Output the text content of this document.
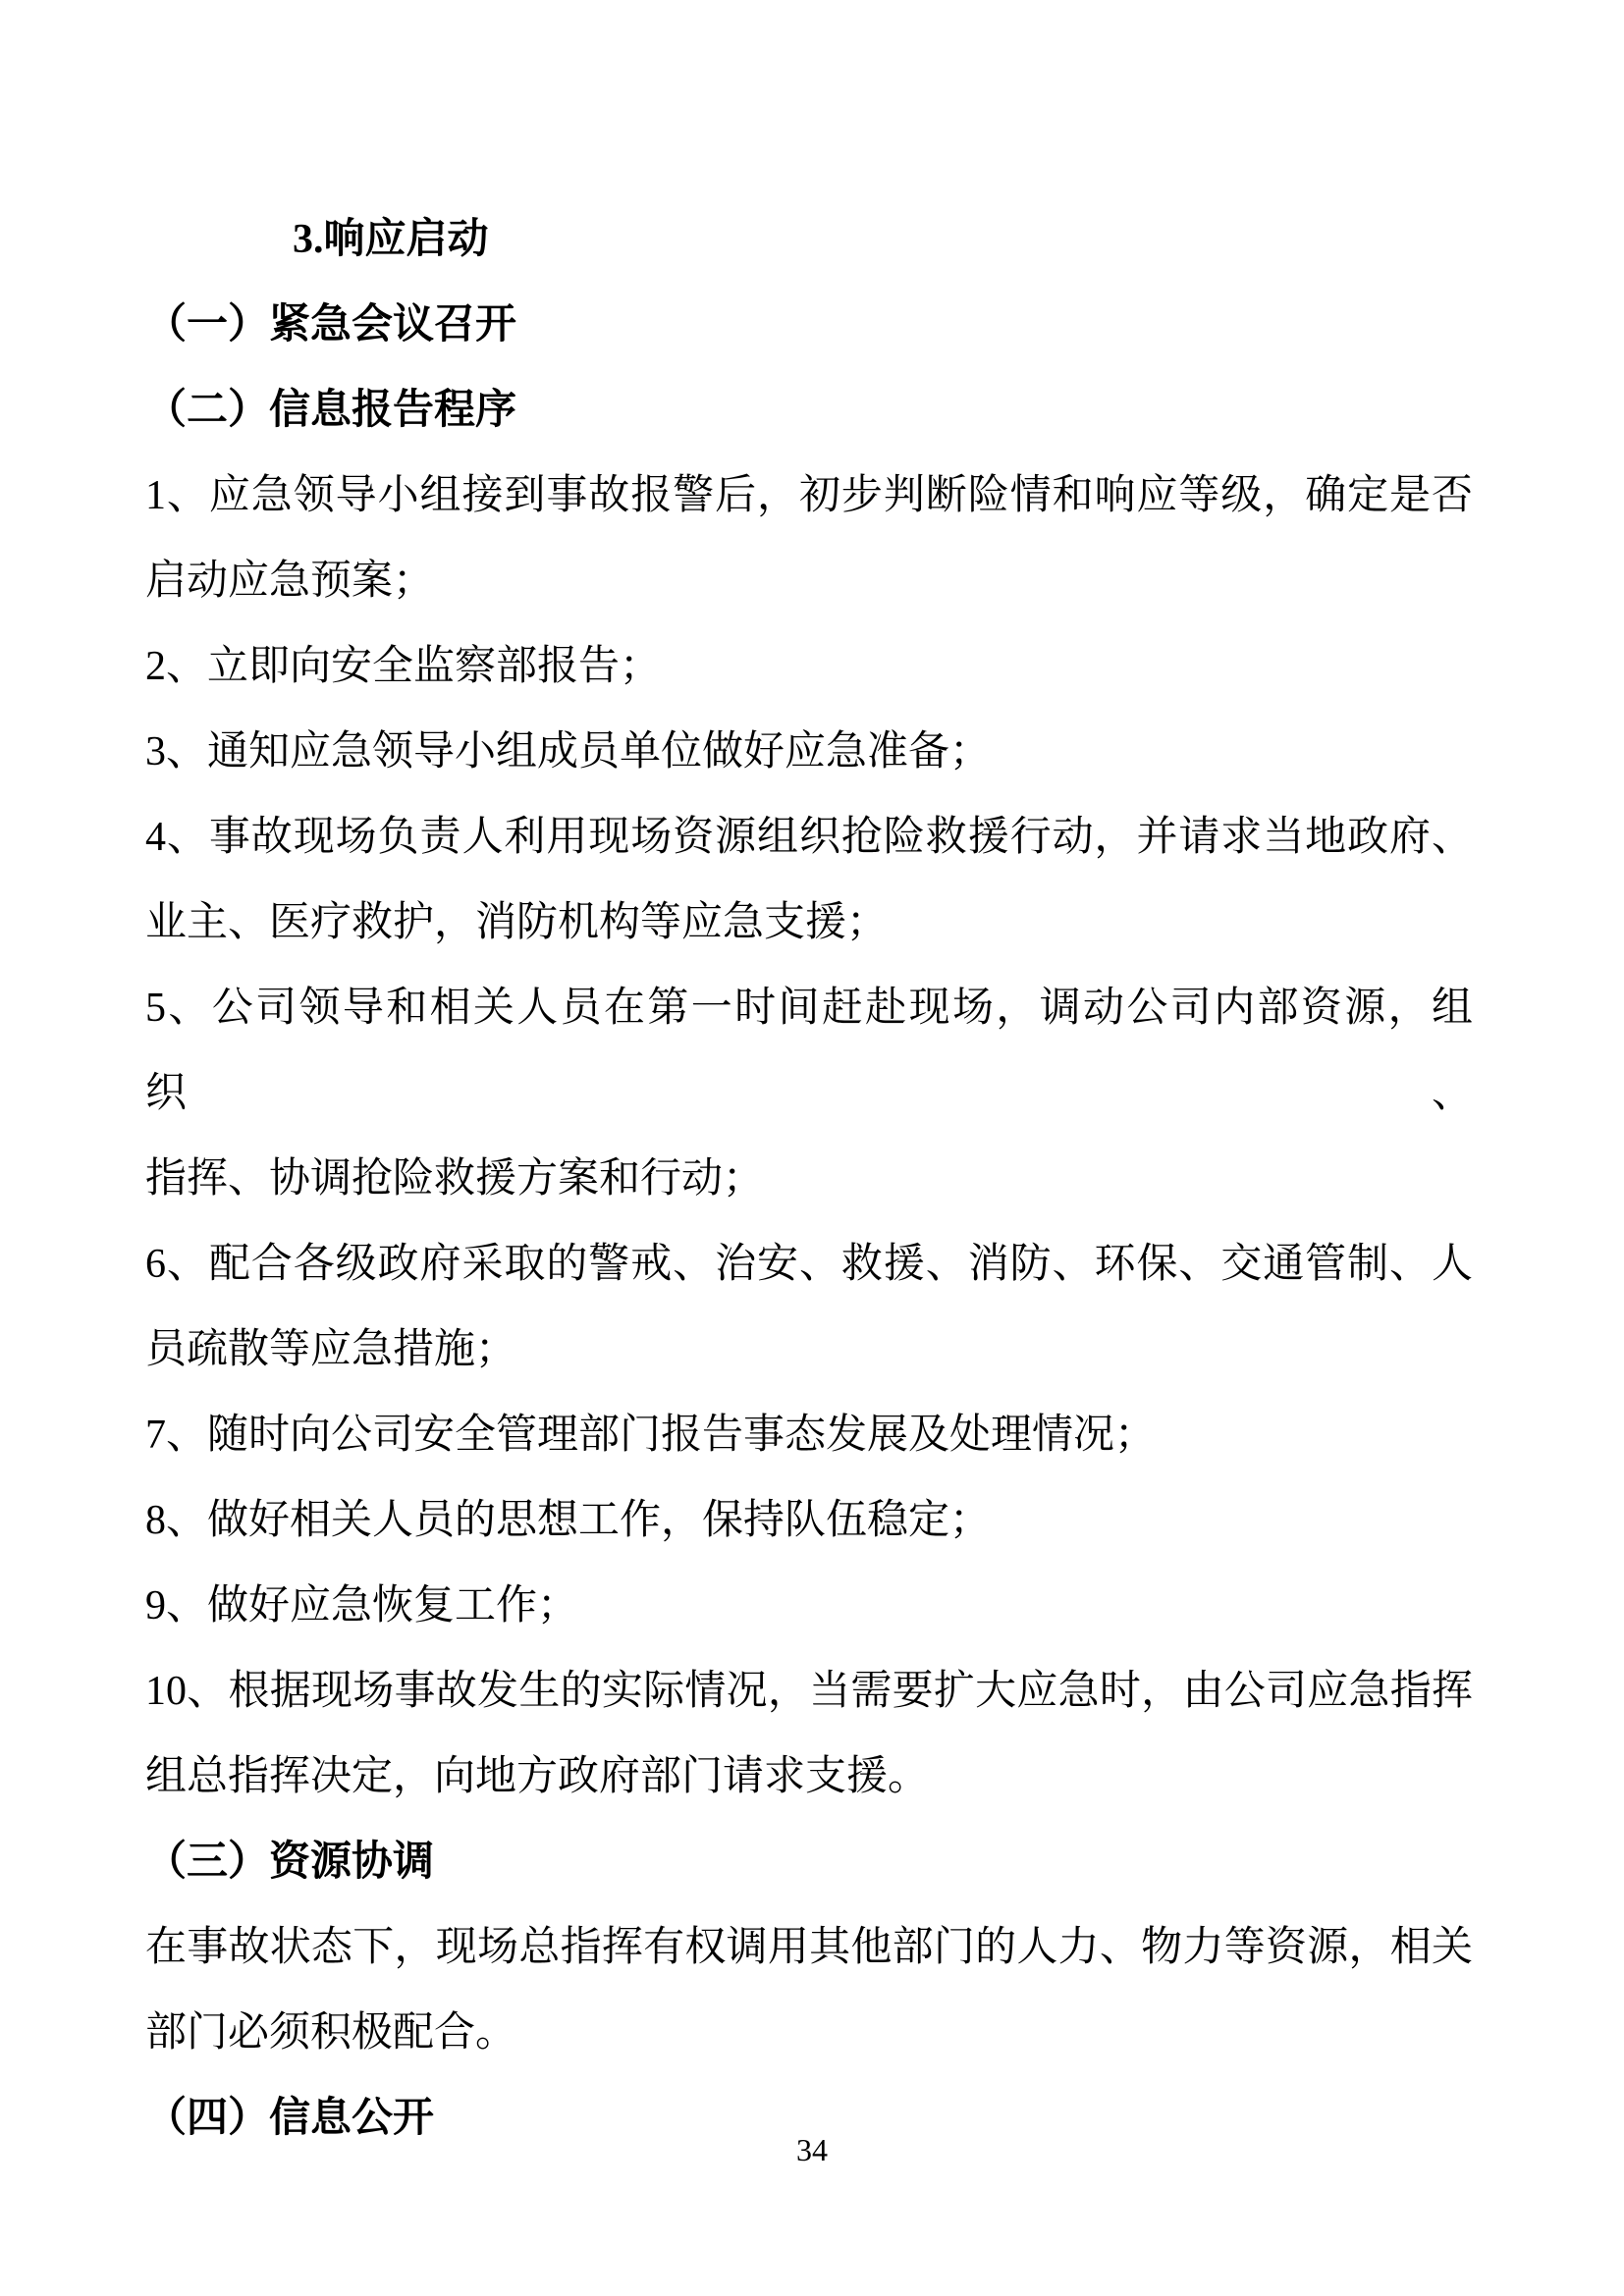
3.响应启动
（一）紧急会议召开
（二）信息报告程序
1、应急领导小组接到事故报警后，初步判断险情和响应等级，确定是否
启动应急预案；
2、立即向安全监察部报告；
3、通知应急领导小组成员单位做好应急准备；
4、事故现场负责人利用现场资源组织抢险救援行动，并请求当地政府、
业主、医疗救护，消防机构等应急支援；
5、公司领导和相关人员在第一时间赶赴现场，调动公司内部资源，组织、
指挥、协调抢险救援方案和行动；
6、配合各级政府采取的警戒、治安、救援、消防、环保、交通管制、人
员疏散等应急措施；
7、随时向公司安全管理部门报告事态发展及处理情况；
8、做好相关人员的思想工作，保持队伍稳定；
9、做好应急恢复工作；
10、根据现场事故发生的实际情况，当需要扩大应急时，由公司应急指挥
组总指挥决定，向地方政府部门请求支援。
（三）资源协调
在事故状态下，现场总指挥有权调用其他部门的人力、物力等资源，相关
部门必须积极配合。
（四）信息公开
34
